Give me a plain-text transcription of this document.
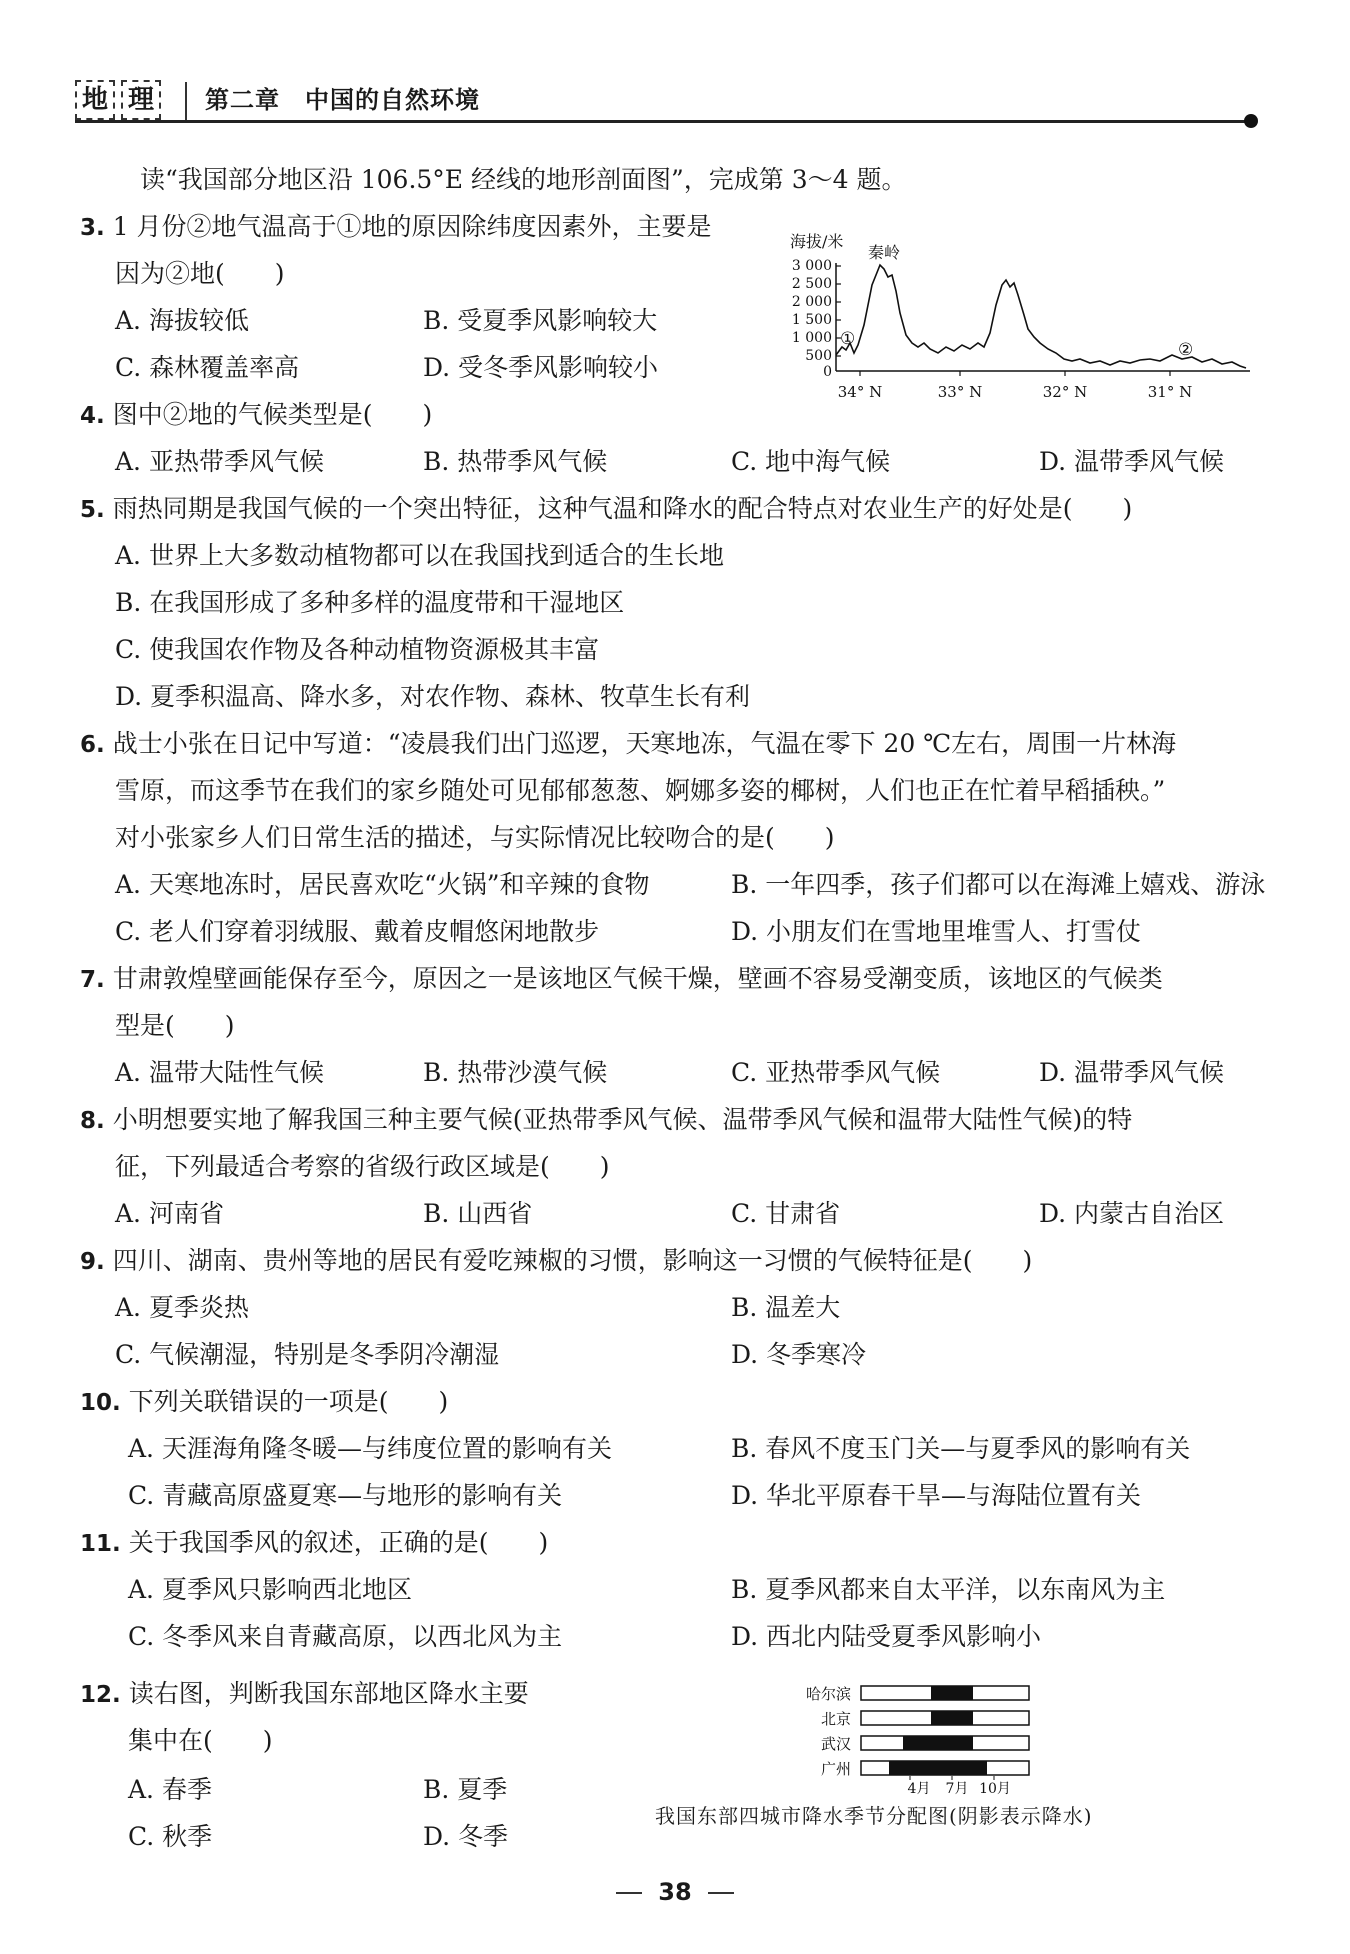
地 理 第二章　中国的自然环境
读“我国部分地区沿 106.5°E 经线的地形剖面图”，完成第 3～4 题。
3. 1 月份②地气温高于①地的原因除纬度因素外，主要是
因为②地(　　)
A. 海拔较低	B. 受夏季风影响较大
C. 森林覆盖率高	D. 受冬季风影响较小
海拔/米
秦岭
3 000
2 500
2 000
1 500
1 000
500
0
①
②
34° N	33° N	32° N	31° N
4. 图中②地的气候类型是(　　)
A. 亚热带季风气候	B. 热带季风气候	C. 地中海气候	D. 温带季风气候
5. 雨热同期是我国气候的一个突出特征，这种气温和降水的配合特点对农业生产的好处是(　　)
A. 世界上大多数动植物都可以在我国找到适合的生长地
B. 在我国形成了多种多样的温度带和干湿地区
C. 使我国农作物及各种动植物资源极其丰富
D. 夏季积温高、降水多，对农作物、森林、牧草生长有利
6. 战士小张在日记中写道：“凌晨我们出门巡逻，天寒地冻，气温在零下 20 ℃左右，周围一片林海
雪原，而这季节在我们的家乡随处可见郁郁葱葱、婀娜多姿的椰树，人们也正在忙着早稻插秧。”
对小张家乡人们日常生活的描述，与实际情况比较吻合的是(　　)
A. 天寒地冻时，居民喜欢吃“火锅”和辛辣的食物	B. 一年四季，孩子们都可以在海滩上嬉戏、游泳
C. 老人们穿着羽绒服、戴着皮帽悠闲地散步	D. 小朋友们在雪地里堆雪人、打雪仗
7. 甘肃敦煌壁画能保存至今，原因之一是该地区气候干燥，壁画不容易受潮变质，该地区的气候类
型是(　　)
A. 温带大陆性气候	B. 热带沙漠气候	C. 亚热带季风气候	D. 温带季风气候
8. 小明想要实地了解我国三种主要气候(亚热带季风气候、温带季风气候和温带大陆性气候)的特
征，下列最适合考察的省级行政区域是(　　)
A. 河南省	B. 山西省	C. 甘肃省	D. 内蒙古自治区
9. 四川、湖南、贵州等地的居民有爱吃辣椒的习惯，影响这一习惯的气候特征是(　　)
A. 夏季炎热	B. 温差大
C. 气候潮湿，特别是冬季阴冷潮湿	D. 冬季寒冷
10. 下列关联错误的一项是(　　)
A. 天涯海角隆冬暖—与纬度位置的影响有关	B. 春风不度玉门关—与夏季风的影响有关
C. 青藏高原盛夏寒—与地形的影响有关	D. 华北平原春干旱—与海陆位置有关
11. 关于我国季风的叙述，正确的是(　　)
A. 夏季风只影响西北地区	B. 夏季风都来自太平洋，以东南风为主
C. 冬季风来自青藏高原，以西北风为主	D. 西北内陆受夏季风影响小
12. 读右图，判断我国东部地区降水主要
集中在(　　)
A. 春季	B. 夏季
C. 秋季	D. 冬季
哈尔滨
北京
武汉
广州
4月 7月 10月
我国东部四城市降水季节分配图(阴影表示降水)
38
